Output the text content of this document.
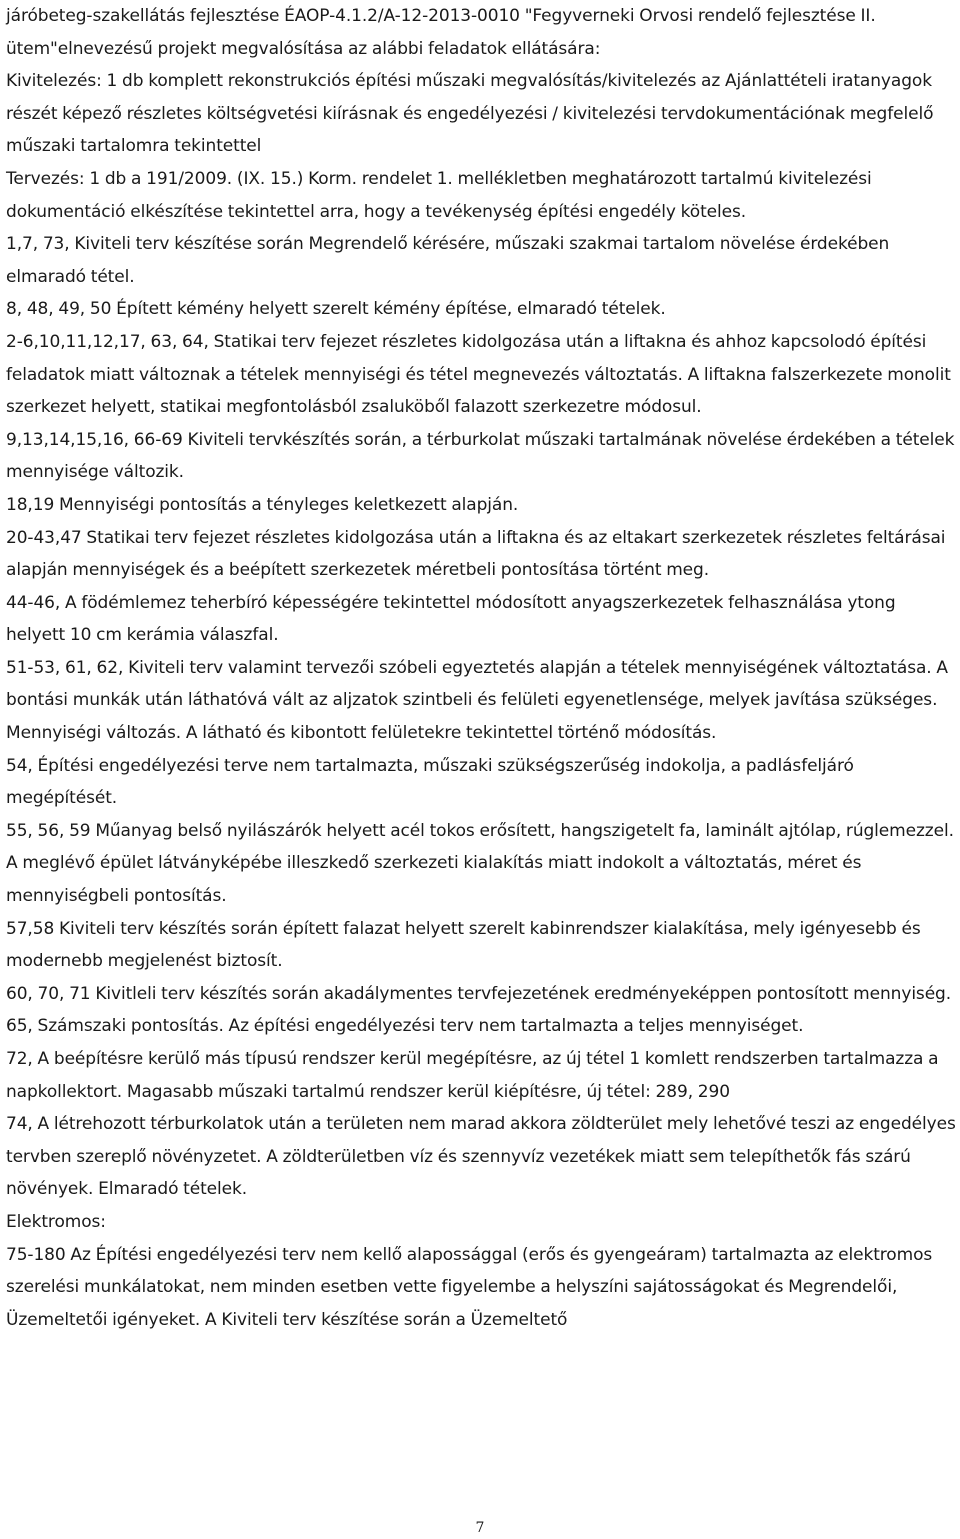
járóbeteg-szakellátás fejlesztése ÉAOP-4.1.2/A-12-2013-0010 "Fegyverneki Orvosi rendelő fejlesztése II. ütem"elnevezésű projekt megvalósítása az alábbi feladatok ellátására:

Kivitelezés: 1 db komplett rekonstrukciós építési műszaki megvalósítás/kivitelezés az Ajánlattételi iratanyagok részét képező részletes költségvetési kiírásnak és engedélyezési / kivitelezési tervdokumentációnak megfelelő műszaki tartalomra tekintettel

Tervezés: 1 db a 191/2009. (IX. 15.) Korm. rendelet 1. mellékletben meghatározott tartalmú kivitelezési dokumentáció elkészítése tekintettel arra, hogy a tevékenység építési engedély köteles.

1,7, 73, Kiviteli terv készítése során Megrendelő kérésére, műszaki szakmai tartalom növelése érdekében elmaradó tétel.

8, 48, 49, 50 Épített kémény helyett szerelt kémény építése, elmaradó tételek.

2-6,10,11,12,17, 63, 64, Statikai terv fejezet részletes kidolgozása után a liftakna és ahhoz kapcsolodó építési feladatok miatt változnak a tételek mennyiségi és tétel megnevezés változtatás. A liftakna falszerkezete monolit szerkezet helyett, statikai megfontolásból zsaluköből falazott szerkezetre módosul.

9,13,14,15,16, 66-69 Kiviteli tervkészítés során, a térburkolat műszaki tartalmának növelése érdekében a tételek mennyisége változik.

18,19 Mennyiségi pontosítás a tényleges keletkezett alapján.

20-43,47 Statikai terv fejezet részletes kidolgozása után a liftakna és az eltakart szerkezetek részletes feltárásai alapján mennyiségek és a beépített szerkezetek méretbeli pontosítása történt meg.

44-46, A födémlemez teherbíró képességére tekintettel módosított anyagszerkezetek felhasználása ytong helyett 10 cm kerámia válaszfal.

51-53, 61, 62, Kiviteli terv valamint tervezői szóbeli egyeztetés alapján a tételek mennyiségének változtatása. A bontási munkák után láthatóvá vált az aljzatok szintbeli és felületi egyenetlensége, melyek javítása szükséges. Mennyiségi változás. A látható és kibontott felületekre tekintettel történő módosítás.

54, Építési engedélyezési terve nem tartalmazta, műszaki szükségszerűség indokolja, a padlásfeljáró megépítését.

55, 56, 59 Műanyag belső nyilászárók helyett acél tokos erősített, hangszigetelt fa, laminált ajtólap, rúglemezzel. A meglévő épület látványképébe illeszkedő szerkezeti kialakítás miatt indokolt a változtatás, méret és mennyiségbeli pontosítás.

57,58 Kiviteli terv készítés során épített falazat helyett szerelt kabinrendszer kialakítása, mely igényesebb és modernebb megjelenést biztosít.

60, 70, 71 Kivitleli terv készítés során akadálymentes tervfejezetének eredményeképpen pontosított mennyiség.

65, Számszaki pontosítás. Az építési engedélyezési terv nem tartalmazta a teljes mennyiséget.

72, A beépítésre kerülő más típusú rendszer kerül megépítésre, az új tétel 1 komlett rendszerben tartalmazza a napkollektort. Magasabb műszaki tartalmú rendszer kerül kiépítésre, új tétel: 289, 290

74, A létrehozott térburkolatok után a területen nem marad akkora zöldterület mely lehetővé teszi az engedélyes tervben szereplő növényzetet. A zöldterületben víz és szennyvíz vezetékek miatt sem telepíthetők fás szárú növények. Elmaradó tételek.

Elektromos:

75-180 Az Építési engedélyezési terv nem kellő alapossággal (erős és gyengeáram) tartalmazta az elektromos szerelési munkálatokat, nem minden esetben vette figyelembe a helyszíni sajátosságokat és Megrendelői, Üzemeltetői igényeket. A Kiviteli terv készítése során a Üzemeltető

7
